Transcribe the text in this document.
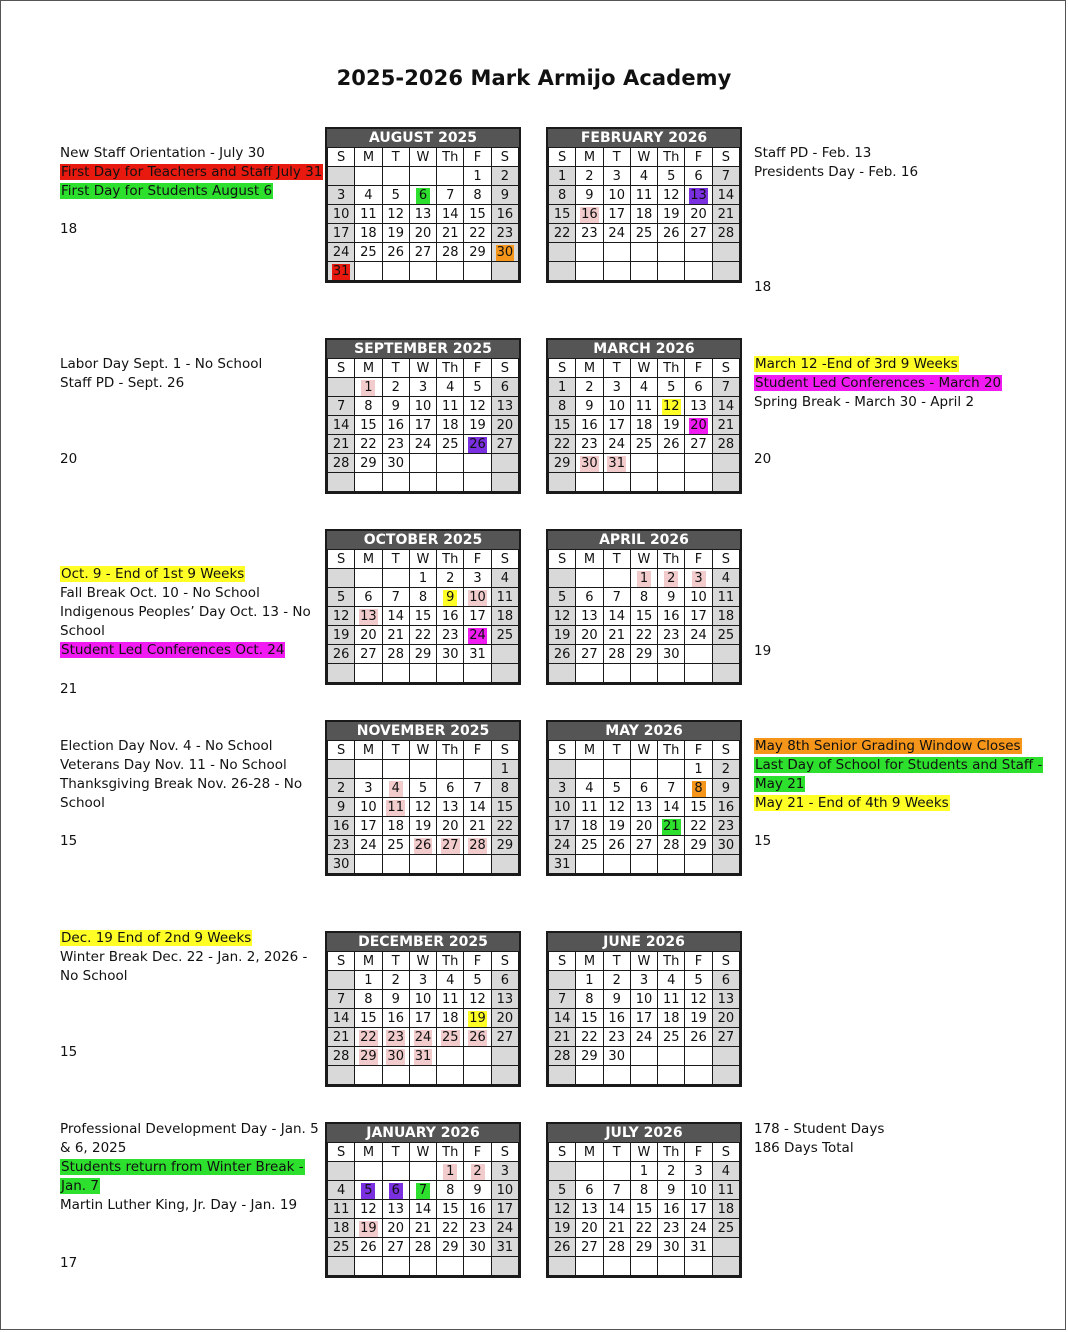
2025-2026 Mark Armijo Academy
AUGUST 2025
S	M	T	W	Th	F	S
					1	2
3	4	5	6	7	8	9
10	11	12	13	14	15	16
17	18	19	20	21	22	23
24	25	26	27	28	29	30
31						
FEBRUARY 2026
S	M	T	W	Th	F	S
1	2	3	4	5	6	7
8	9	10	11	12	13	14
15	16	17	18	19	20	21
22	23	24	25	26	27	28

SEPTEMBER 2025
S	M	T	W	Th	F	S
	1	2	3	4	5	6
7	8	9	10	11	12	13
14	15	16	17	18	19	20
21	22	23	24	25	26	27
28	29	30				

MARCH 2026
S	M	T	W	Th	F	S
1	2	3	4	5	6	7
8	9	10	11	12	13	14
15	16	17	18	19	20	21
22	23	24	25	26	27	28
29	30	31				

OCTOBER 2025
S	M	T	W	Th	F	S
			1	2	3	4
5	6	7	8	9	10	11
12	13	14	15	16	17	18
19	20	21	22	23	24	25
26	27	28	29	30	31	

APRIL 2026
S	M	T	W	Th	F	S
			1	2	3	4
5	6	7	8	9	10	11
12	13	14	15	16	17	18
19	20	21	22	23	24	25
26	27	28	29	30		

NOVEMBER 2025
S	M	T	W	Th	F	S
						1
2	3	4	5	6	7	8
9	10	11	12	13	14	15
16	17	18	19	20	21	22
23	24	25	26	27	28	29
30						
MAY 2026
S	M	T	W	Th	F	S
					1	2
3	4	5	6	7	8	9
10	11	12	13	14	15	16
17	18	19	20	21	22	23
24	25	26	27	28	29	30
31						
DECEMBER 2025
S	M	T	W	Th	F	S
	1	2	3	4	5	6
7	8	9	10	11	12	13
14	15	16	17	18	19	20
21	22	23	24	25	26	27
28	29	30	31			

JUNE 2026
S	M	T	W	Th	F	S
	1	2	3	4	5	6
7	8	9	10	11	12	13
14	15	16	17	18	19	20
21	22	23	24	25	26	27
28	29	30				

JANUARY 2026
S	M	T	W	Th	F	S
				1	2	3
4	5	6	7	8	9	10
11	12	13	14	15	16	17
18	19	20	21	22	23	24
25	26	27	28	29	30	31

JULY 2026
S	M	T	W	Th	F	S
			1	2	3	4
5	6	7	8	9	10	11
12	13	14	15	16	17	18
19	20	21	22	23	24	25
26	27	28	29	30	31	

New Staff Orientation - July 30
First Day for Teachers and Staff July 31
First Day for Students August 6
Staff PD - Feb. 13
Presidents Day - Feb. 16
Labor Day Sept. 1 - No School
Staff PD - Sept. 26
March 12 -End of 3rd 9 Weeks
Student Led Conferences - March 20
Spring Break - March 30 - April 2
Oct. 9 - End of 1st 9 Weeks
Fall Break Oct. 10 - No School
Indigenous Peoples’ Day Oct. 13 - No
School
Student Led Conferences Oct. 24
Election Day Nov. 4 - No School
Veterans Day Nov. 11 - No School
Thanksgiving Break Nov. 26-28 - No
School
May 8th Senior Grading Window Closes
Last Day of School for Students and Staff -
May 21
May 21 - End of 4th 9 Weeks
Dec. 19 End of 2nd 9 Weeks
Winter Break Dec. 22 - Jan. 2, 2026 -
No School
Professional Development Day - Jan. 5
& 6, 2025
Students return from Winter Break -
Jan. 7
Martin Luther King, Jr. Day - Jan. 19
178 - Student Days
186 Days Total
18
18
20	20
21
19
15	15
15
17
